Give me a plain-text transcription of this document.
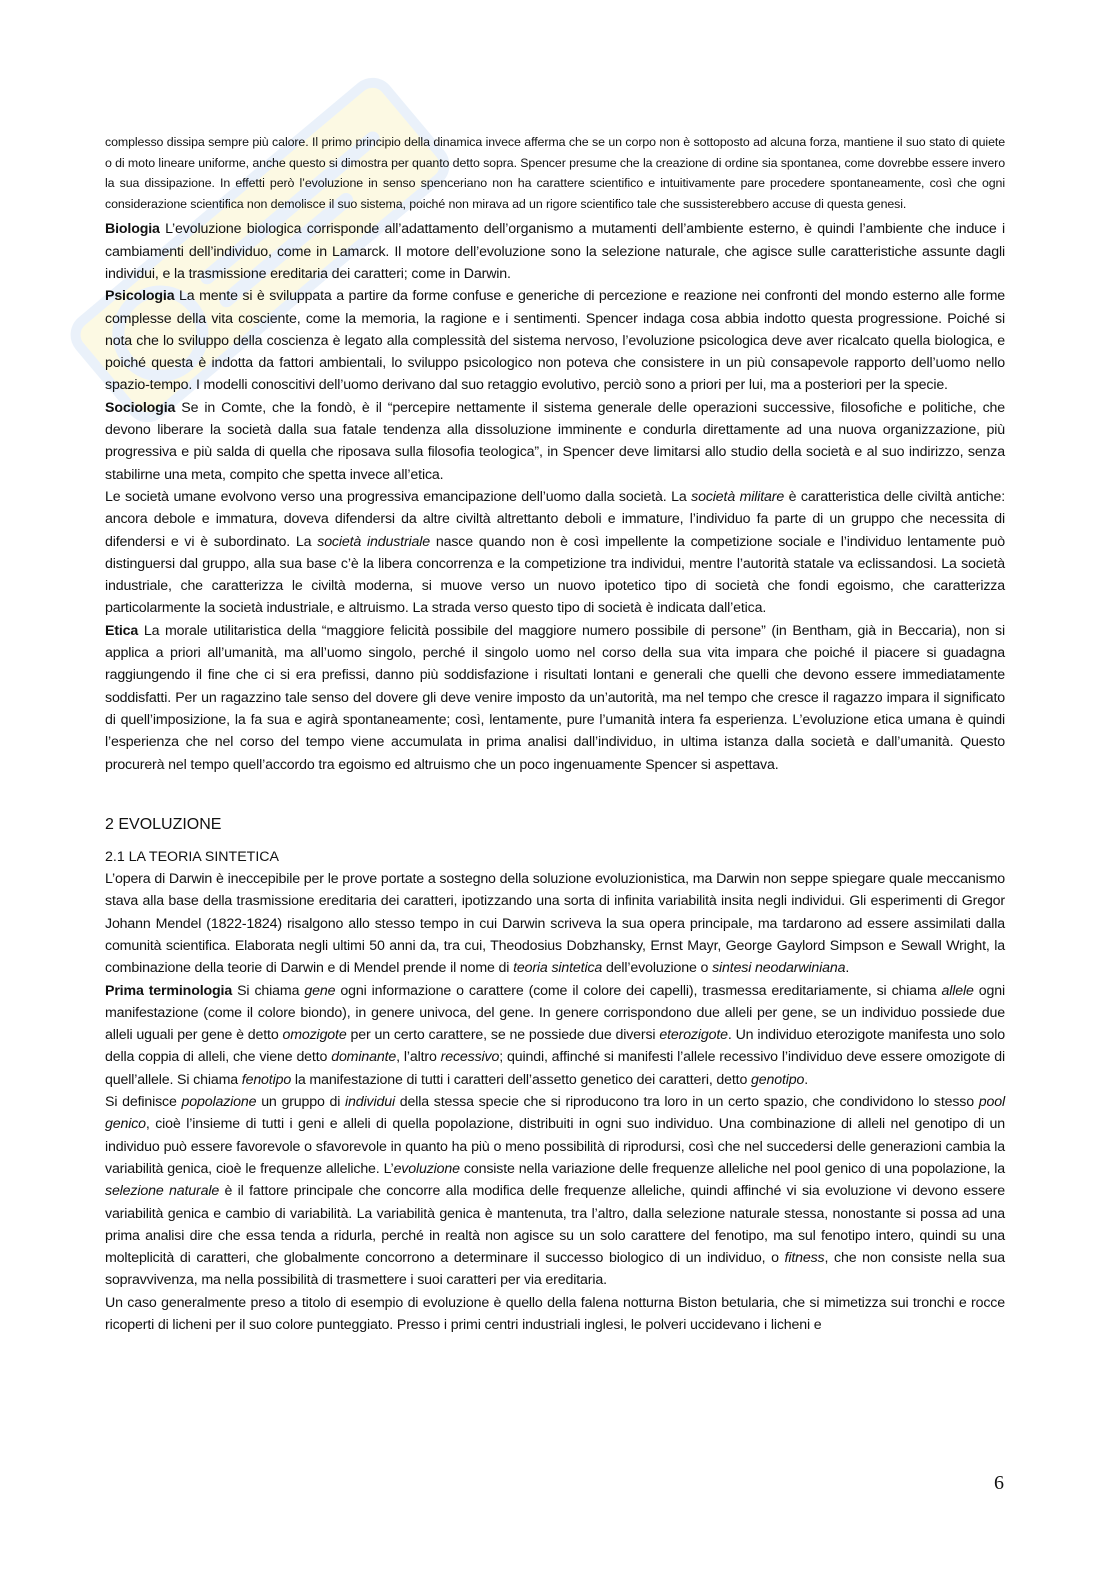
complesso dissipa sempre più calore. Il primo principio della dinamica invece afferma che se un corpo non è sottoposto ad alcuna forza, mantiene il suo stato di quiete o di moto lineare uniforme, anche questo si dimostra per quanto detto sopra. Spencer presume che la creazione di ordine sia spontanea, come dovrebbe essere invero la sua dissipazione. In effetti però l’evoluzione in senso spenceriano non ha carattere scientifico e intuitivamente pare procedere spontaneamente, così che ogni considerazione scientifica non demolisce il suo sistema, poiché non mirava ad un rigore scientifico tale che sussisterebbero accuse di questa genesi.

Biologia L’evoluzione biologica corrisponde all’adattamento dell’organismo a mutamenti dell’ambiente esterno, è quindi l’ambiente che induce i cambiamenti dell’individuo, come in Lamarck. Il motore dell’evoluzione sono la selezione naturale, che agisce sulle caratteristiche assunte dagli individui, e la trasmissione ereditaria dei caratteri; come in Darwin.

Psicologia La mente si è sviluppata a partire da forme confuse e generiche di percezione e reazione nei confronti del mondo esterno alle forme complesse della vita cosciente, come la memoria, la ragione e i sentimenti. Spencer indaga cosa abbia indotto questa progressione. Poiché si nota che lo sviluppo della coscienza è legato alla complessità del sistema nervoso, l’evoluzione psicologica deve aver ricalcato quella biologica, e poiché questa è indotta da fattori ambientali, lo sviluppo psicologico non poteva che consistere in un più consapevole rapporto dell’uomo nello spazio-tempo. I modelli conoscitivi dell’uomo derivano dal suo retaggio evolutivo, perciò sono a priori per lui, ma a posteriori per la specie.

Sociologia Se in Comte, che la fondò, è il “percepire nettamente il sistema generale delle operazioni successive, filosofiche e politiche, che devono liberare la società dalla sua fatale tendenza alla dissoluzione imminente e condurla direttamente ad una nuova organizzazione, più progressiva e più salda di quella che riposava sulla filosofia teologica”, in Spencer deve limitarsi allo studio della società e al suo indirizzo, senza stabilirne una meta, compito che spetta invece all’etica.

Le società umane evolvono verso una progressiva emancipazione dell’uomo dalla società. La società militare è caratteristica delle civiltà antiche: ancora debole e immatura, doveva difendersi da altre civiltà altrettanto deboli e immature, l’individuo fa parte di un gruppo che necessita di difendersi e vi è subordinato. La società industriale nasce quando non è così impellente la competizione sociale e l’individuo lentamente può distinguersi dal gruppo, alla sua base c’è la libera concorrenza e la competizione tra individui, mentre l’autorità statale va eclissandosi. La società industriale, che caratterizza le civiltà moderna, si muove verso un nuovo ipotetico tipo di società che fondi egoismo, che caratterizza particolarmente la società industriale, e altruismo. La strada verso questo tipo di società è indicata dall’etica.

Etica La morale utilitaristica della “maggiore felicità possibile del maggiore numero possibile di persone” (in Bentham, già in Beccaria), non si applica a priori all’umanità, ma all’uomo singolo, perché il singolo uomo nel corso della sua vita impara che poiché il piacere si guadagna raggiungendo il fine che ci si era prefissi, danno più soddisfazione i risultati lontani e generali che quelli che devono essere immediatamente soddisfatti. Per un ragazzino tale senso del dovere gli deve venire imposto da un’autorità, ma nel tempo che cresce il ragazzo impara il significato di quell’imposizione, la fa sua e agirà spontaneamente; così, lentamente, pure l’umanità intera fa esperienza. L’evoluzione etica umana è quindi l’esperienza che nel corso del tempo viene accumulata in prima analisi dall’individuo, in ultima istanza dalla società e dall’umanità. Questo procurerà nel tempo quell’accordo tra egoismo ed altruismo che un poco ingenuamente Spencer si aspettava.

2 EVOLUZIONE
2.1 LA TEORIA SINTETICA

L’opera di Darwin è ineccepibile per le prove portate a sostegno della soluzione evoluzionistica, ma Darwin non seppe spiegare quale meccanismo stava alla base della trasmissione ereditaria dei caratteri, ipotizzando una sorta di infinita variabilità insita negli individui. Gli esperimenti di Gregor Johann Mendel (1822-1824) risalgono allo stesso tempo in cui Darwin scriveva la sua opera principale, ma tardarono ad essere assimilati dalla comunità scientifica. Elaborata negli ultimi 50 anni da, tra cui, Theodosius Dobzhansky, Ernst Mayr, George Gaylord Simpson e Sewall Wright, la combinazione della teorie di Darwin e di Mendel prende il nome di teoria sintetica dell’evoluzione o sintesi neodarwiniana.

Prima terminologia Si chiama gene ogni informazione o carattere (come il colore dei capelli), trasmessa ereditariamente, si chiama allele ogni manifestazione (come il colore biondo), in genere univoca, del gene. In genere corrispondono due alleli per gene, se un individuo possiede due alleli uguali per gene è detto omozigote per un certo carattere, se ne possiede due diversi eterozigote. Un individuo eterozigote manifesta uno solo della coppia di alleli, che viene detto dominante, l’altro recessivo; quindi, affinché si manifesti l’allele recessivo l’individuo deve essere omozigote di quell’allele. Si chiama fenotipo la manifestazione di tutti i caratteri dell’assetto genetico dei caratteri, detto genotipo.

Si definisce popolazione un gruppo di individui della stessa specie che si riproducono tra loro in un certo spazio, che condividono lo stesso pool genico, cioè l’insieme di tutti i geni e alleli di quella popolazione, distribuiti in ogni suo individuo. Una combinazione di alleli nel genotipo di un individuo può essere favorevole o sfavorevole in quanto ha più o meno possibilità di riprodursi, così che nel succedersi delle generazioni cambia la variabilità genica, cioè le frequenze alleliche. L’evoluzione consiste nella variazione delle frequenze alleliche nel pool genico di una popolazione, la selezione naturale è il fattore principale che concorre alla modifica delle frequenze alleliche, quindi affinché vi sia evoluzione vi devono essere variabilità genica e cambio di variabilità. La variabilità genica è mantenuta, tra l’altro, dalla selezione naturale stessa, nonostante si possa ad una prima analisi dire che essa tenda a ridurla, perché in realtà non agisce su un solo carattere del fenotipo, ma sul fenotipo intero, quindi su una molteplicità di caratteri, che globalmente concorrono a determinare il successo biologico di un individuo, o fitness, che non consiste nella sua sopravvivenza, ma nella possibilità di trasmettere i suoi caratteri per via ereditaria.

Un caso generalmente preso a titolo di esempio di evoluzione è quello della falena notturna Biston betularia, che si mimetizza sui tronchi e rocce ricoperti di licheni per il suo colore punteggiato. Presso i primi centri industriali inglesi, le polveri uccidevano i licheni e

6
